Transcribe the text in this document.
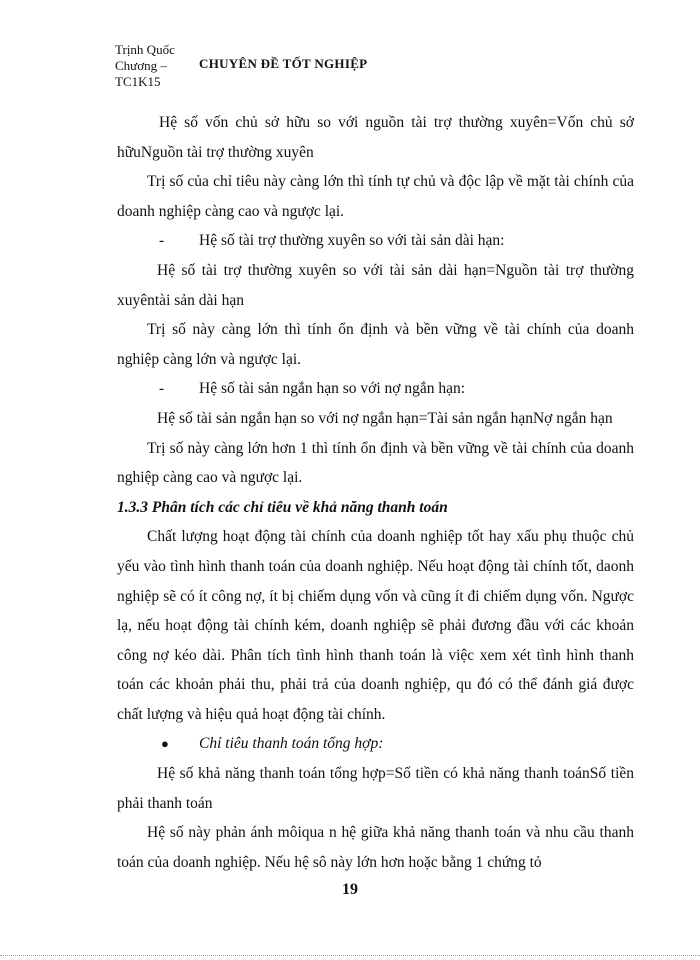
Trịnh Quốc
Chương –
TC1K15
CHUYÊN ĐỀ TỐT NGHIỆP

Hệ số vốn chủ sở hữu so với nguồn tài trợ thường xuyên=Vốn chủ sở hữuNguồn tài trợ thường xuyên

Trị số của chỉ tiêu này càng lớn thì tính tự chủ và độc lập về mặt tài chính của doanh nghiệp càng cao và ngược lại.

-	Hệ số tài trợ thường xuyên so với tài sản dài hạn:

Hệ số tài trợ thường xuyên so với tài sản dài hạn=Nguồn tài trợ thường xuyêntài sản dài hạn

Trị số này càng lớn thì tính ổn định và bền vững về tài chính của doanh nghiệp càng lớn và ngược lại.

-	Hệ số tài sản ngắn hạn so với nợ ngắn hạn:

Hệ số tài sản ngắn hạn so với nợ ngắn hạn=Tài sản ngắn hạnNợ ngắn hạn

Trị số này càng lớn hơn 1 thì tính ổn định và bền vững về tài chính của doanh nghiệp càng cao và ngược lại.

1.3.3 Phân tích các chỉ tiêu về khả năng thanh toán

Chất lượng hoạt động tài chính của doanh nghiệp tốt hay xấu phụ thuộc chủ yếu vào tình hình thanh toán của doanh nghiệp. Nếu hoạt động tài chính tốt, daonh nghiệp sẽ có ít công nợ, ít bị chiếm dụng vốn và cũng ít đi chiếm dụng vốn. Ngược lạ, nếu hoạt động tài chính kém, doanh nghiệp sẽ phải đương đầu với các khoản công nợ kéo dài. Phân tích tình hình thanh toán là việc xem xét tình hình thanh toán các khoản phải thu, phải trả của doanh nghiệp, qu đó có thể đánh giá được chất lượng và hiệu quả hoạt động tài chính.

●	Chỉ tiêu thanh toán tổng hợp:

Hệ số khả năng thanh toán tổng hợp=Số tiền có khả năng thanh toánSố tiền phải thanh toán

Hệ số này phản ánh môiqua n hệ giữa khả năng thanh toán và nhu cầu thanh toán của doanh nghiệp. Nếu hệ sô này lớn hơn hoặc bằng 1 chứng tỏ

19
